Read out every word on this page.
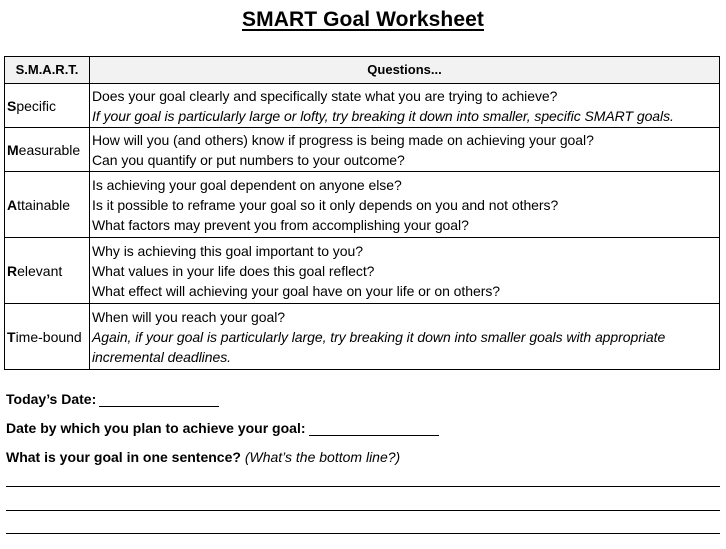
SMART Goal Worksheet
S.M.A.R.T.	Questions...
Specific	Does your goal clearly and specifically state what you are trying to achieve?
If your goal is particularly large or lofty, try breaking it down into smaller, specific SMART goals.

Measurable	How will you (and others) know if progress is being made on achieving your goal?
Can you quantify or put numbers to your outcome?

Attainable	Is achieving your goal dependent on anyone else?
Is it possible to reframe your goal so it only depends on you and not others?
What factors may prevent you from accomplishing your goal?

Relevant	Why is achieving this goal important to you?
What values in your life does this goal reflect?
What effect will achieving your goal have on your life or on others?

Time-bound	When will you reach your goal?
Again, if your goal is particularly large, try breaking it down into smaller goals with appropriate incremental deadlines.
Today’s Date:
Date by which you plan to achieve your goal:
What is your goal in one sentence? (What’s the bottom line?)
